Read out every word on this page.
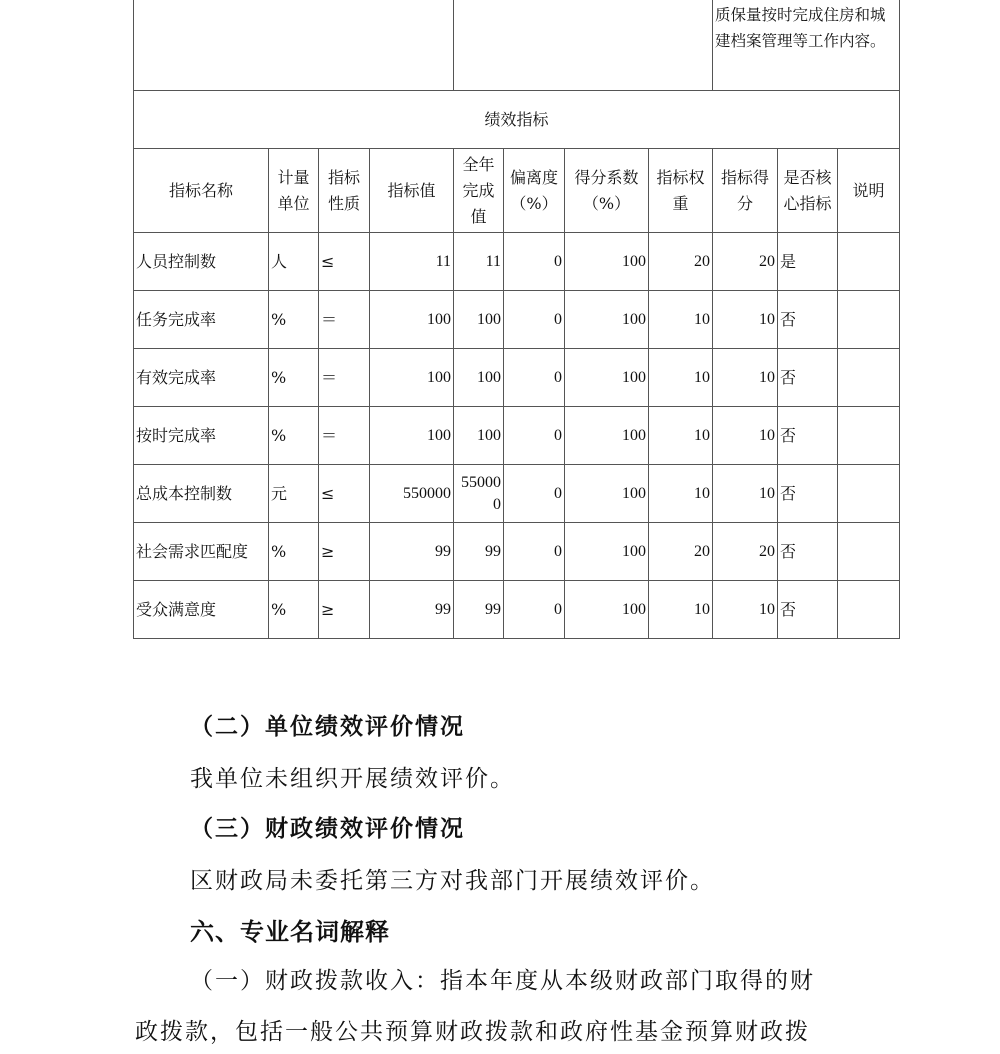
								质保量按时完成住房和城建档案管理等工作内容。		
绩效指标										
指标名称	计量单位	指标性质	指标值	全年完成值	偏离度（%）	得分系数（%）	指标权重	指标得分	是否核心指标	说明
人员控制数	人	≤	11	11	0	100	20	20	是	
任务完成率	%	＝	100	100	0	100	10	10	否	
有效完成率	%	＝	100	100	0	100	10	10	否	
按时完成率	%	＝	100	100	0	100	10	10	否	
总成本控制数	元	≤	550000	550000	0	100	10	10	否	
社会需求匹配度	%	≥	99	99	0	100	20	20	否	
受众满意度	%	≥	99	99	0	100	10	10	否	
（二）单位绩效评价情况
我单位未组织开展绩效评价。
（三）财政绩效评价情况
区财政局未委托第三方对我部门开展绩效评价。
六、专业名词解释
（一）财政拨款收入：指本年度从本级财政部门取得的财
政拨款，包括一般公共预算财政拨款和政府性基金预算财政拨
